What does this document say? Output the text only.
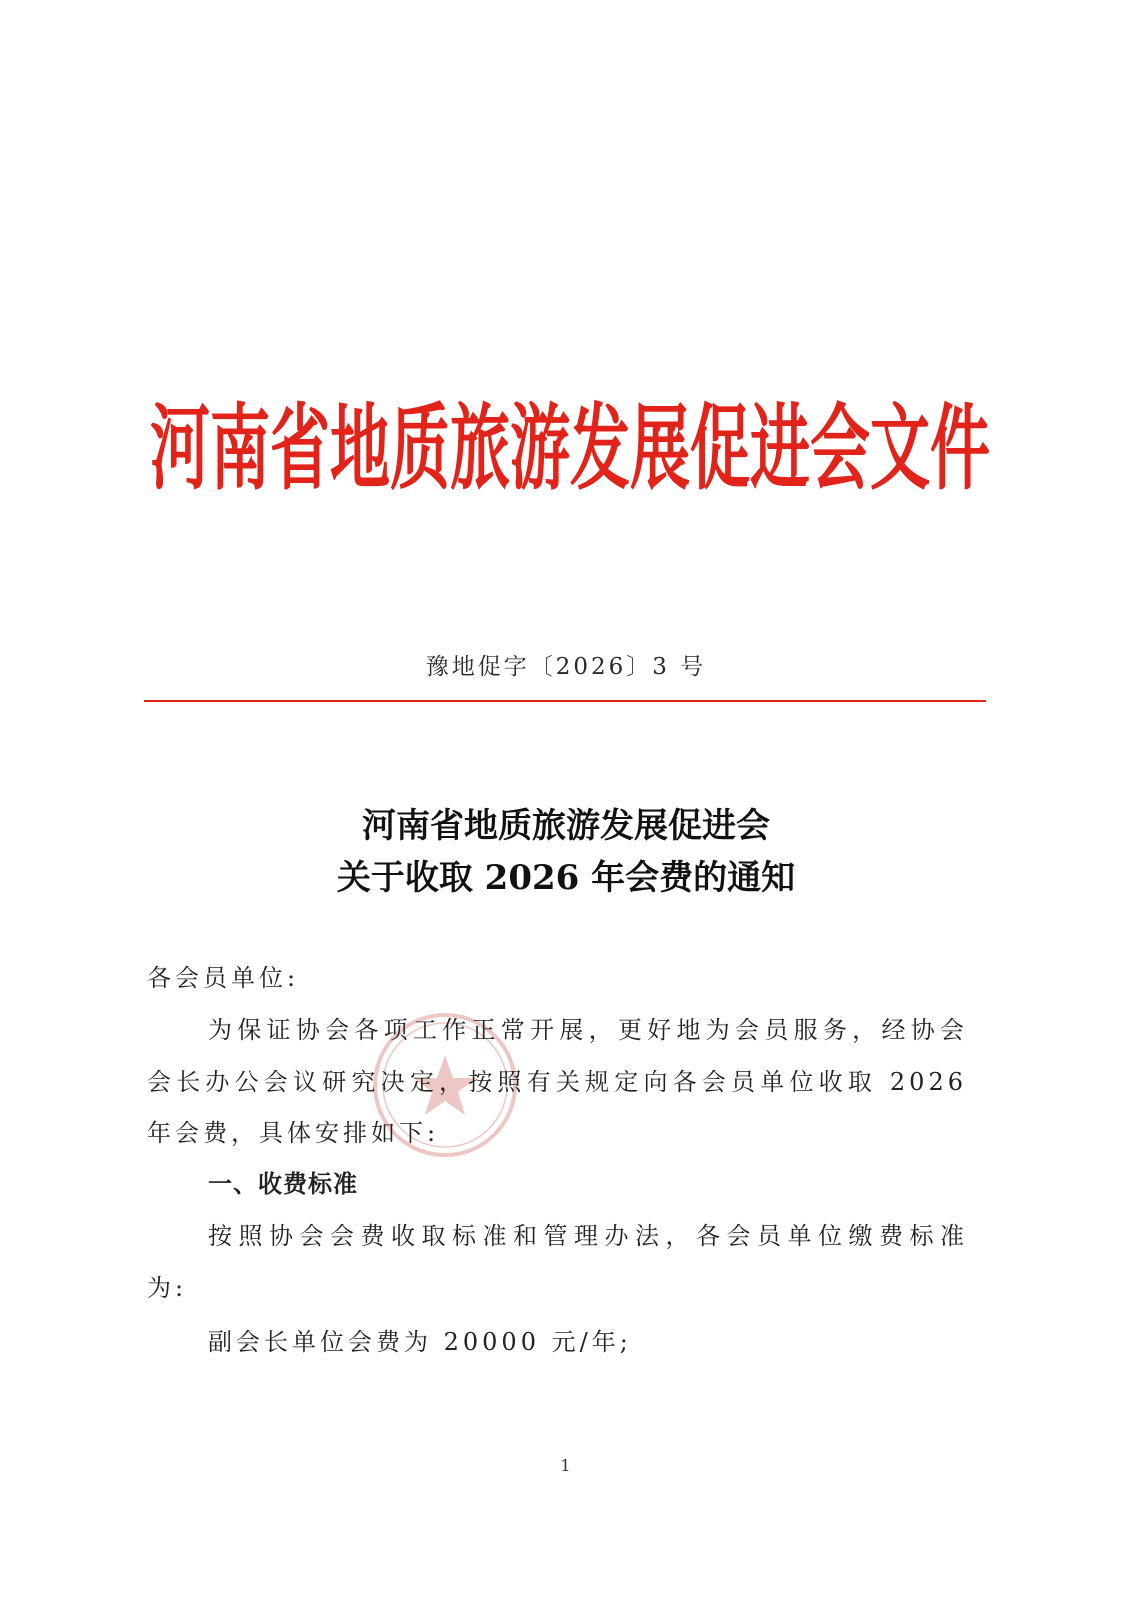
河南省地质旅游发展促进会文件
豫地促字〔2026〕3 号
河南省地质旅游发展促进会
关于收取 2026 年会费的通知
各会员单位:
为保证协会各项工作正常开展，更好地为会员服务，经协会
会长办公会议研究决定，按照有关规定向各会员单位收取 2026
年会费，具体安排如下:
一、收费标准
按照协会会费收取标准和管理办法，各会员单位缴费标准
为:
副会长单位会费为 20000 元/年;
1
